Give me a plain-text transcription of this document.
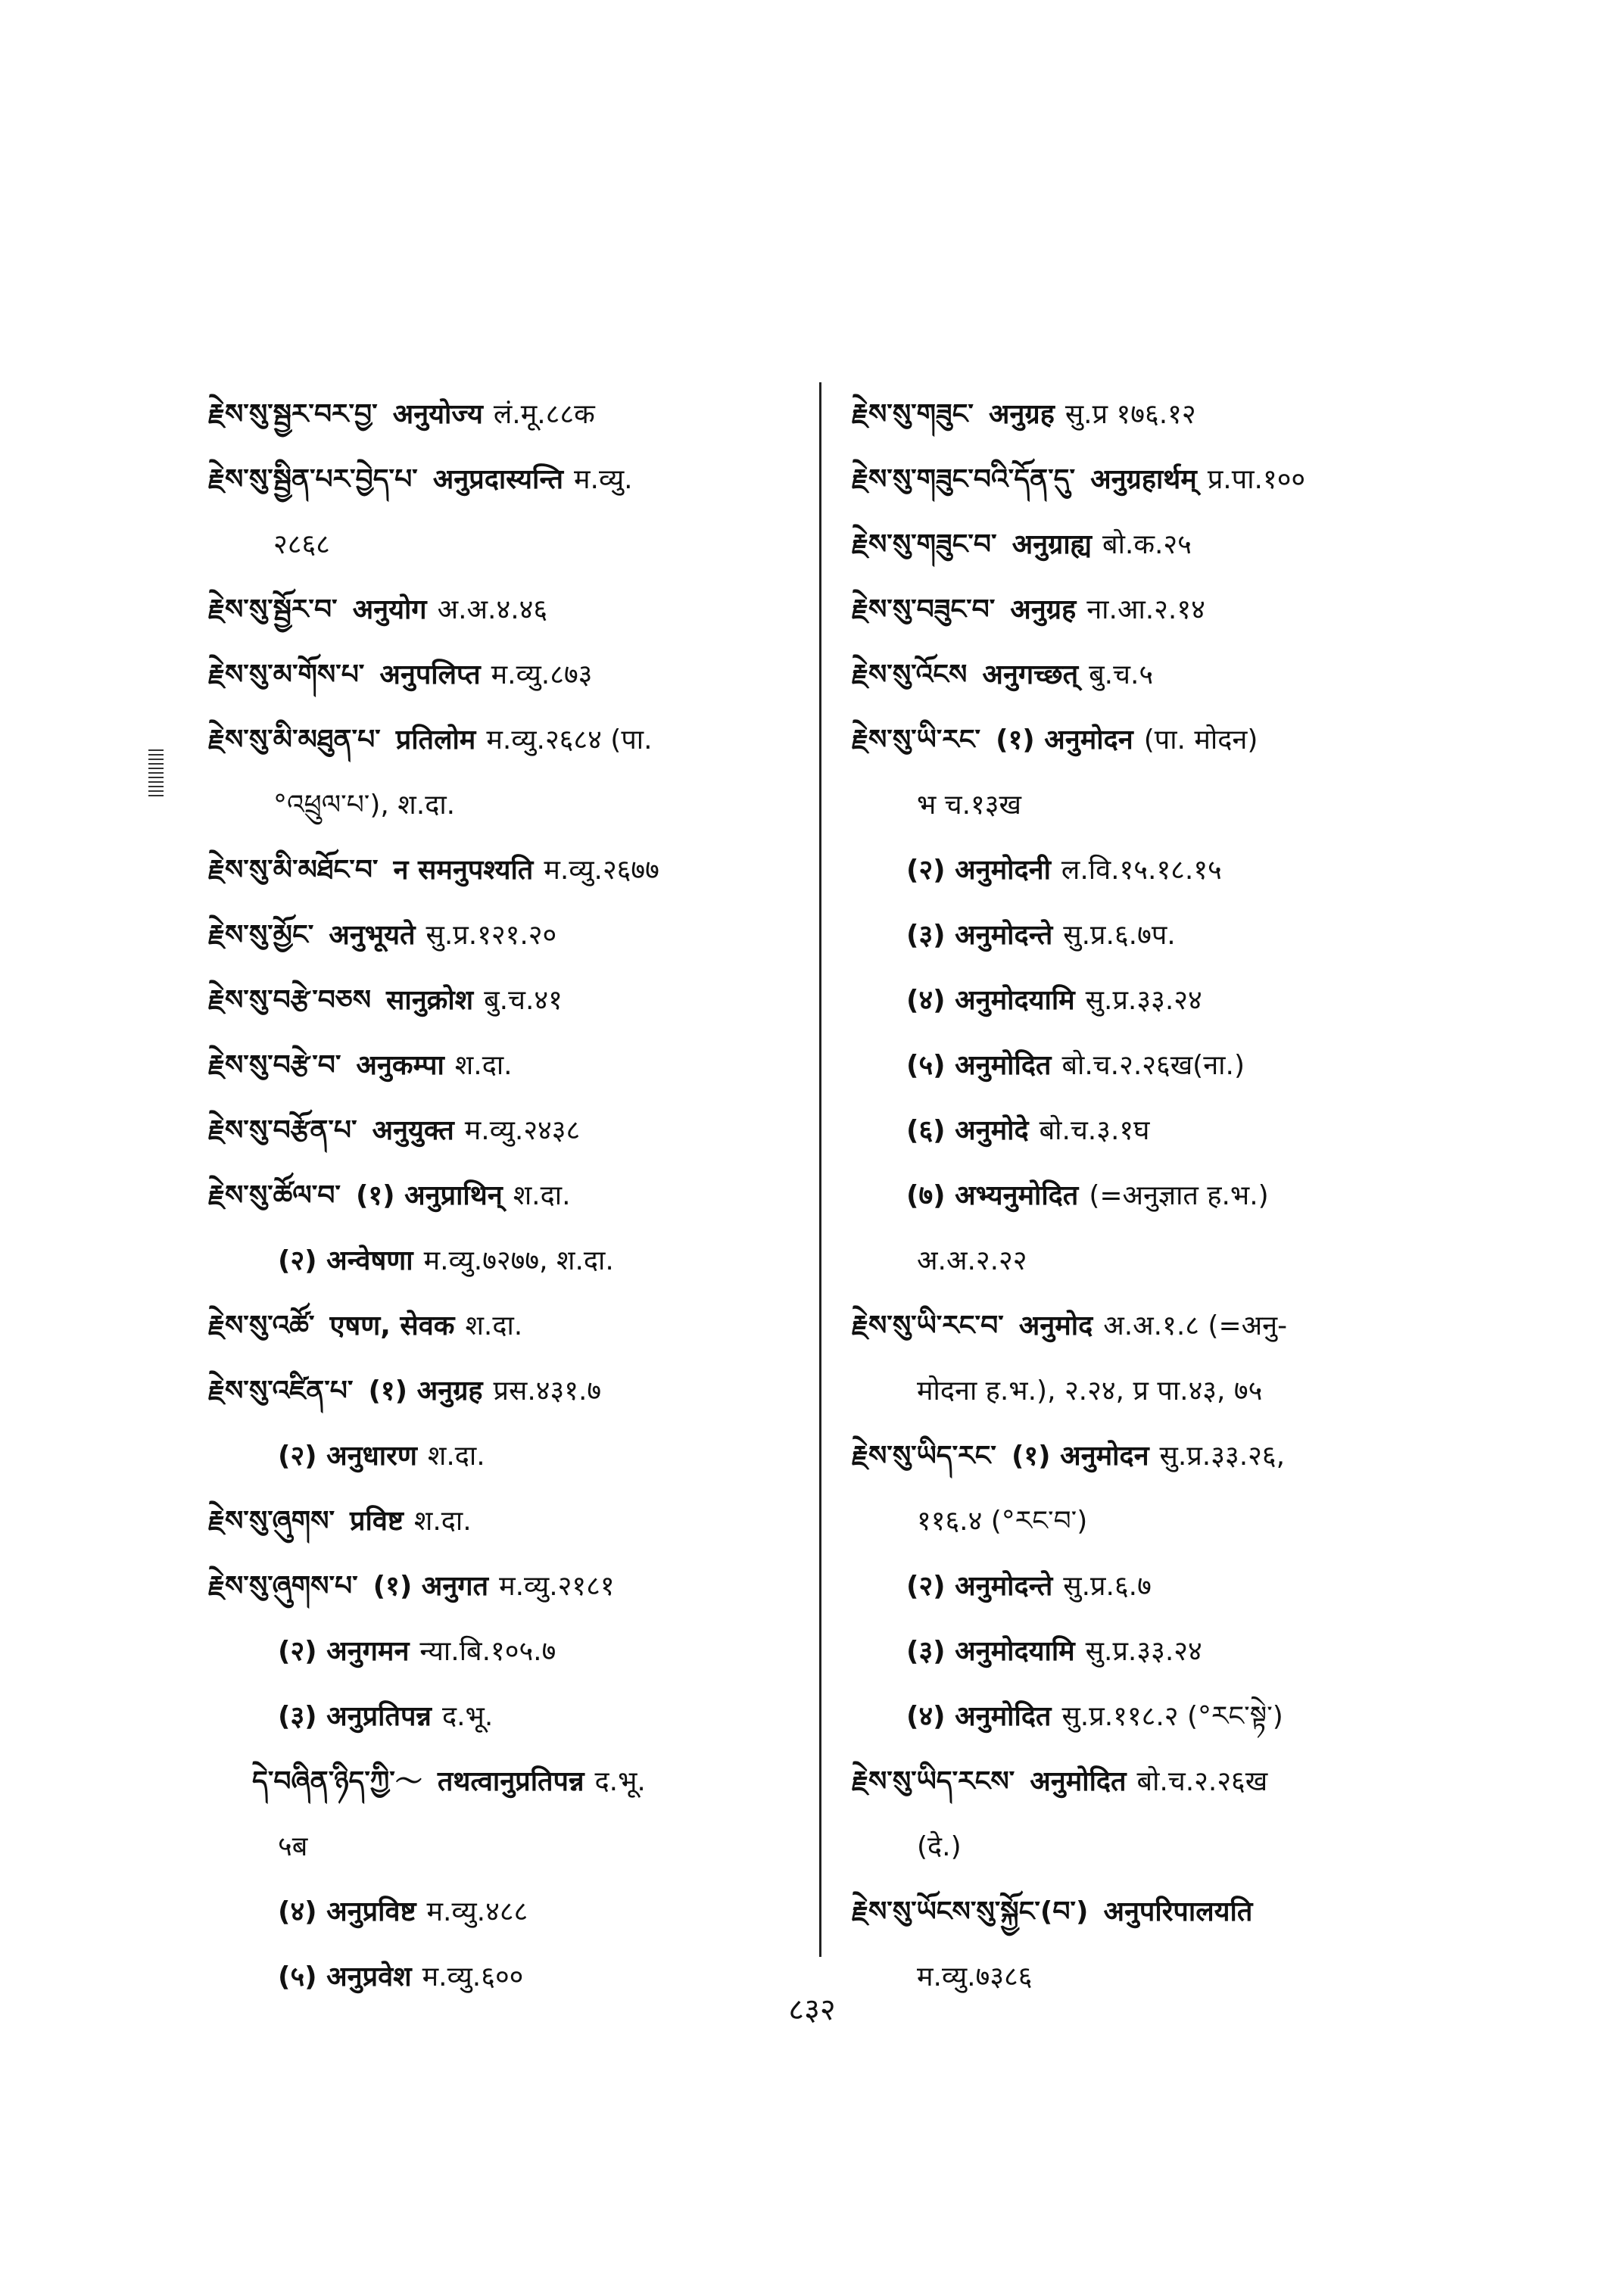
རྗེས་སུ་སྦྱར་བར་བྱ་ अनुयोज्य लं.मू.८८क
རྗེས་སུ་སྦྱིན་པར་བྱེད་པ་ अनुप्रदास्यन्ति म.व्यु.
२८६८
རྗེས་སུ་སྦྱོར་བ་ अनुयोग अ.अ.४.४६
རྗེས་སུ་མ་གོས་པ་ अनुपलिप्त म.व्यु.८७३
རྗེས་སུ་མི་མཐུན་པ་ प्रतिलोम म.व्यु.२६८४ (पा.
°འཕྲུལ་པ་), श.दा.
རྗེས་སུ་མི་མཐོང་བ་ न समनुपश्यति म.व्यु.२६७७
རྗེས་སུ་མྱོང་ अनुभूयते सु.प्र.१२१.२०
རྗེས་སུ་བརྩེ་བཅས सानुक्रोश बु.च.४१
རྗེས་སུ་བརྩེ་བ་ अनुकम्पा श.दा.
རྗེས་སུ་བརྩོན་པ་ अनुयुक्त म.व्यु.२४३८
རྗེས་སུ་ཚོལ་བ་ (१) अनुप्राथिन् श.दा.
(२) अन्वेषणा म.व्यु.७२७७, श.दा.
རྗེས་སུ་འཚོ་ एषण, सेवक श.दा.
རྗེས་སུ་འཛིན་པ་ (१) अनुग्रह प्रस.४३१.७
(२) अनुधारण श.दा.
རྗེས་སུ་ཞུགས་ प्रविष्ट श.दा.
རྗེས་སུ་ཞུགས་པ་ (१) अनुगत म.व्यु.२१८१
(२) अनुगमन न्या.बि.१०५.७
(३) अनुप्रतिपन्न द.भू.
དེ་བཞིན་ཉིད་ཀྱི་～ तथत्वानुप्रतिपन्न द.भू.
५ब
(४) अनुप्रविष्ट म.व्यु.४८८
(५) अनुप्रवेश म.व्यु.६००
རྗེས་སུ་གཟུང་ अनुग्रह सु.प्र १७६.१२
རྗེས་སུ་གཟུང་བའི་དོན་དུ་ अनुग्रहार्थम् प्र.पा.१००
རྗེས་སུ་གཟུང་བ་ अनुग्राह्य बो.क.२५
རྗེས་སུ་བཟུང་བ་ अनुग्रह ना.आ.२.१४
རྗེས་སུ་འོངས अनुगच्छत् बु.च.५
རྗེས་སུ་ཡི་རང་ (१) अनुमोदन (पा. मोदन)
भ च.१३ख
(२) अनुमोदनी ल.वि.१५.१८.१५
(३) अनुमोदन्ते सु.प्र.६.७प.
(४) अनुमोदयामि सु.प्र.३३.२४
(५) अनुमोदित बो.च.२.२६ख(ना.)
(६) अनुमोदे बो.च.३.१घ
(७) अभ्यनुमोदित (=अनुज्ञात ह.भ.)
अ.अ.२.२२
རྗེས་སུ་ཡི་རང་བ་ अनुमोद अ.अ.१.८ (=अनु-
मोदना ह.भ.), २.२४, प्र पा.४३, ७५
རྗེས་སུ་ཡིད་རང་ (१) अनुमोदन सु.प्र.३३.२६,
११६.४ (°རང་བ་)
(२) अनुमोदन्ते सु.प्र.६.७
(३) अनुमोदयामि सु.प्र.३३.२४
(४) अनुमोदित सु.प्र.११८.२ (°རང་སྟེ་)
རྗེས་སུ་ཡིད་རངས་ अनुमोदित बो.च.२.२६ख
(दे.)
རྗེས་སུ་ཡོངས་སུ་སྐྱོང་(བ་) अनुपरिपालयति
म.व्यु.७३८६
८३२
